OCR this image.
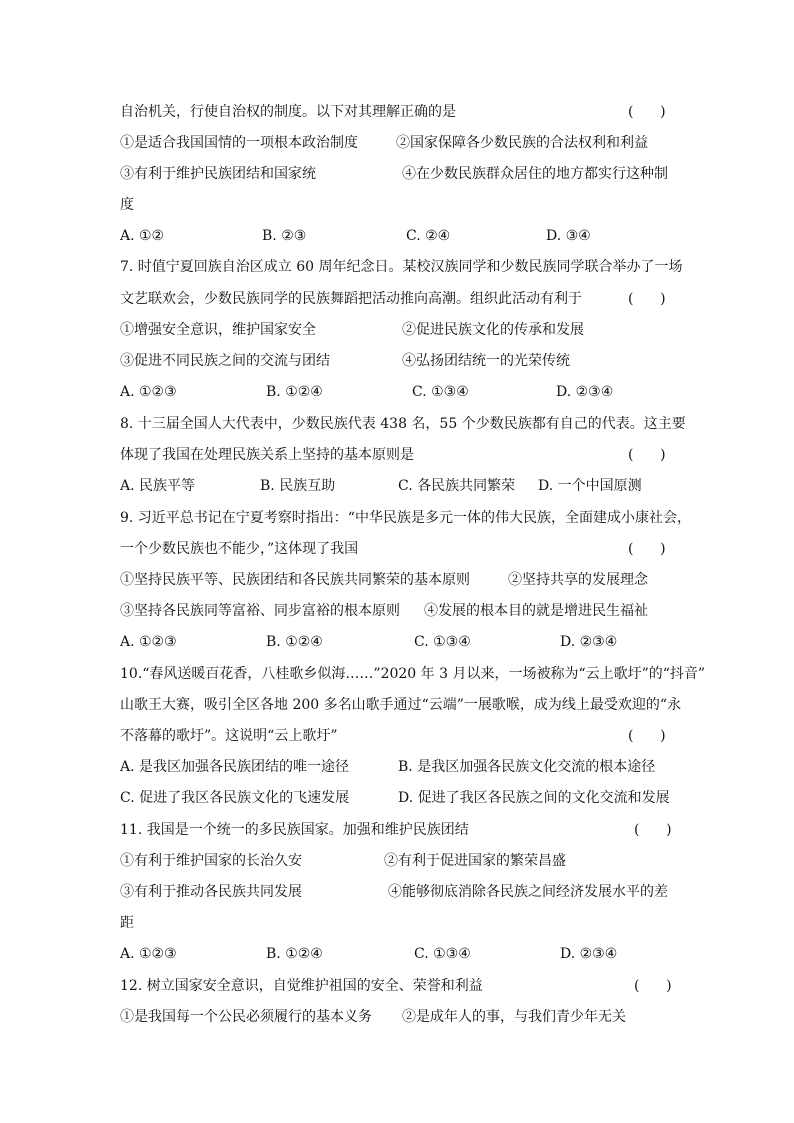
自治机关，行使自治权的制度。以下对其理解正确的是	(      )
①是适合我国国情的一项根本政治制度	②国家保障各少数民族的合法权利和利益
③有利于维护民族团结和国家统	④在少数民族群众居住的地方都实行这种制
度
A. ①②	B. ②③	C. ②④	D. ③④
7. 时值宁夏回族自治区成立 60 周年纪念日。某校汉族同学和少数民族同学联合举办了一场
文艺联欢会，少数民族同学的民族舞蹈把活动推向高潮。组织此活动有利于	(      )
①增强安全意识，维护国家安全	②促进民族文化的传承和发展
③促进不同民族之间的交流与团结	④弘扬团结统一的光荣传统
A. ①②③	B. ①②④	C. ①③④	D. ②③④
8. 十三届全国人大代表中，少数民族代表 438 名，55 个少数民族都有自己的代表。这主要
体现了我国在处理民族关系上坚持的基本原则是	(      )
A. 民族平等	B. 民族互助	C. 各民族共同繁荣 D. 一个中国原测
9. 习近平总书记在宁夏考察时指出：“中华民族是多元一体的伟大民族，全面建成小康社会，
一个少数民族也不能少，”这体现了我国	(      )
①坚持民族平等、民族团结和各民族共同繁荣的基本原则	②坚持共享的发展理念
③坚持各民族同等富裕、同步富裕的根本原则 ④发展的根本目的就是增进民生福祉
A. ①②③	B. ①②④	C. ①③④	D. ②③④
10.“春风送暖百花香，八桂歌乡似海……”2020 年 3 月以来，一场被称为“云上歌圩”的“抖音”
山歌王大赛，吸引全区各地 200 多名山歌手通过“云端”一展歌喉，成为线上最受欢迎的“永
不落幕的歌圩”。这说明“云上歌圩”	(      )
A. 是我区加强各民族团结的唯一途径	B. 是我区加强各民族文化交流的根本途径
C. 促进了我区各民族文化的飞速发展	D. 促进了我区各民族之间的文化交流和发展
11. 我国是一个统一的多民族国家。加强和维护民族团结	(      )
①有利于维护国家的长治久安	②有利于促进国家的繁荣昌盛
③有利于推动各民族共同发展	④能够彻底消除各民族之间经济发展水平的差
距
A. ①②③	B. ①②④	C. ①③④	D. ②③④
12. 树立国家安全意识，自觉维护祖国的安全、荣誉和利益	(      )
①是我国每一个公民必须履行的基本义务 ②是成年人的事，与我们青少年无关
